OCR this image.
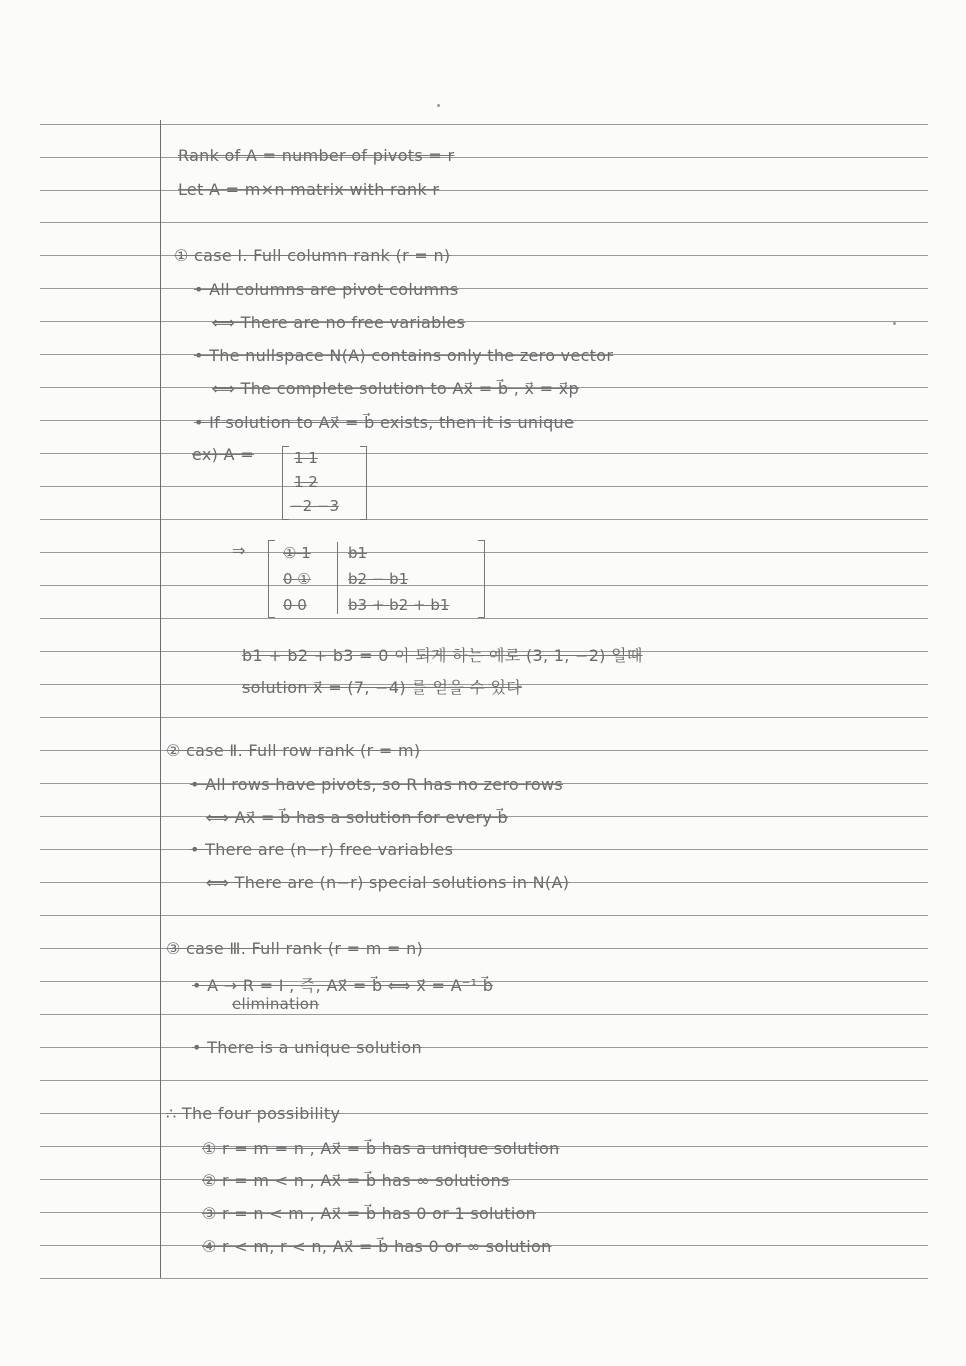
Rank of A = number of pivots = r
Let A = m×n matrix with rank r
① case Ⅰ. Full column rank (r = n)
• All columns are pivot columns
⟺ There are no free variables
• The nullspace N(A) contains only the zero vector
⟺ The complete solution to Ax⃗ = b⃗ , x⃗ = x⃗p
• If solution to Ax⃗ = b⃗ exists, then it is unique
ex) A =	1 1
1 2
−2 −3
⇒ ① 1
0 ①
0 0
b1
b2 − b1
b3 + b2 + b1
b1 + b2 + b3 = 0 이 되게 하는 예로 (3, 1, −2) 일때
solution x⃗ = (7, −4) 를 얻을 수 있다
② case Ⅱ. Full row rank (r = m)
• All rows have pivots, so R has no zero rows
⟺ Ax⃗ = b⃗ has a solution for every b⃗
• There are (n−r) free variables
⟺ There are (n−r) special solutions in N(A)
③ case Ⅲ. Full rank (r = m = n)
• A → R = I , 즉, Ax⃗ = b⃗ ⟺ x⃗ = A⁻¹ b⃗
elimination
• There is a unique solution
∴ The four possibility
① r = m = n , Ax⃗ = b⃗ has a unique solution
② r = m < n , Ax⃗ = b⃗ has ∞ solutions
③ r = n < m , Ax⃗ = b⃗ has 0 or 1 solution
④ r < m, r < n, Ax⃗ = b⃗ has 0 or ∞ solution
